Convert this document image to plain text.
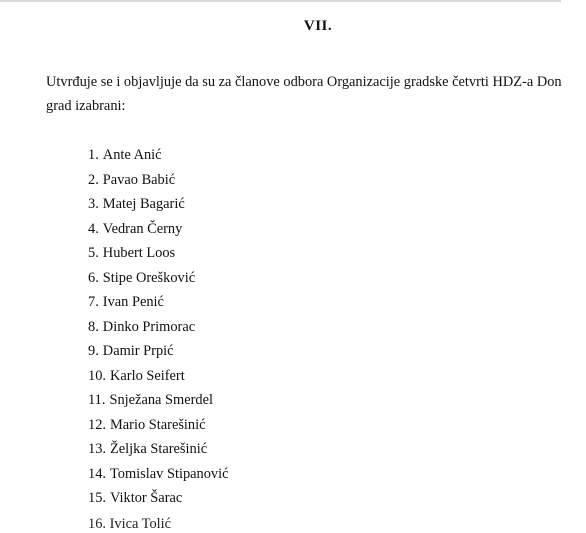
VII.
Utvrđuje se i objavljuje da su za članove odbora Organizacije gradske četvrti HDZ-a Don
grad izabrani:
1. Ante Anić
2. Pavao Babić
3. Matej Bagarić
4. Vedran Černy
5. Hubert Loos
6. Stipe Orešković
7. Ivan Penić
8. Dinko Primorac
9. Damir Prpić
10. Karlo Seifert
11. Snježana Smerdel
12. Mario Starešinić
13. Željka Starešinić
14. Tomislav Stipanović
15. Viktor Šarac
16. Ivica Tolić
